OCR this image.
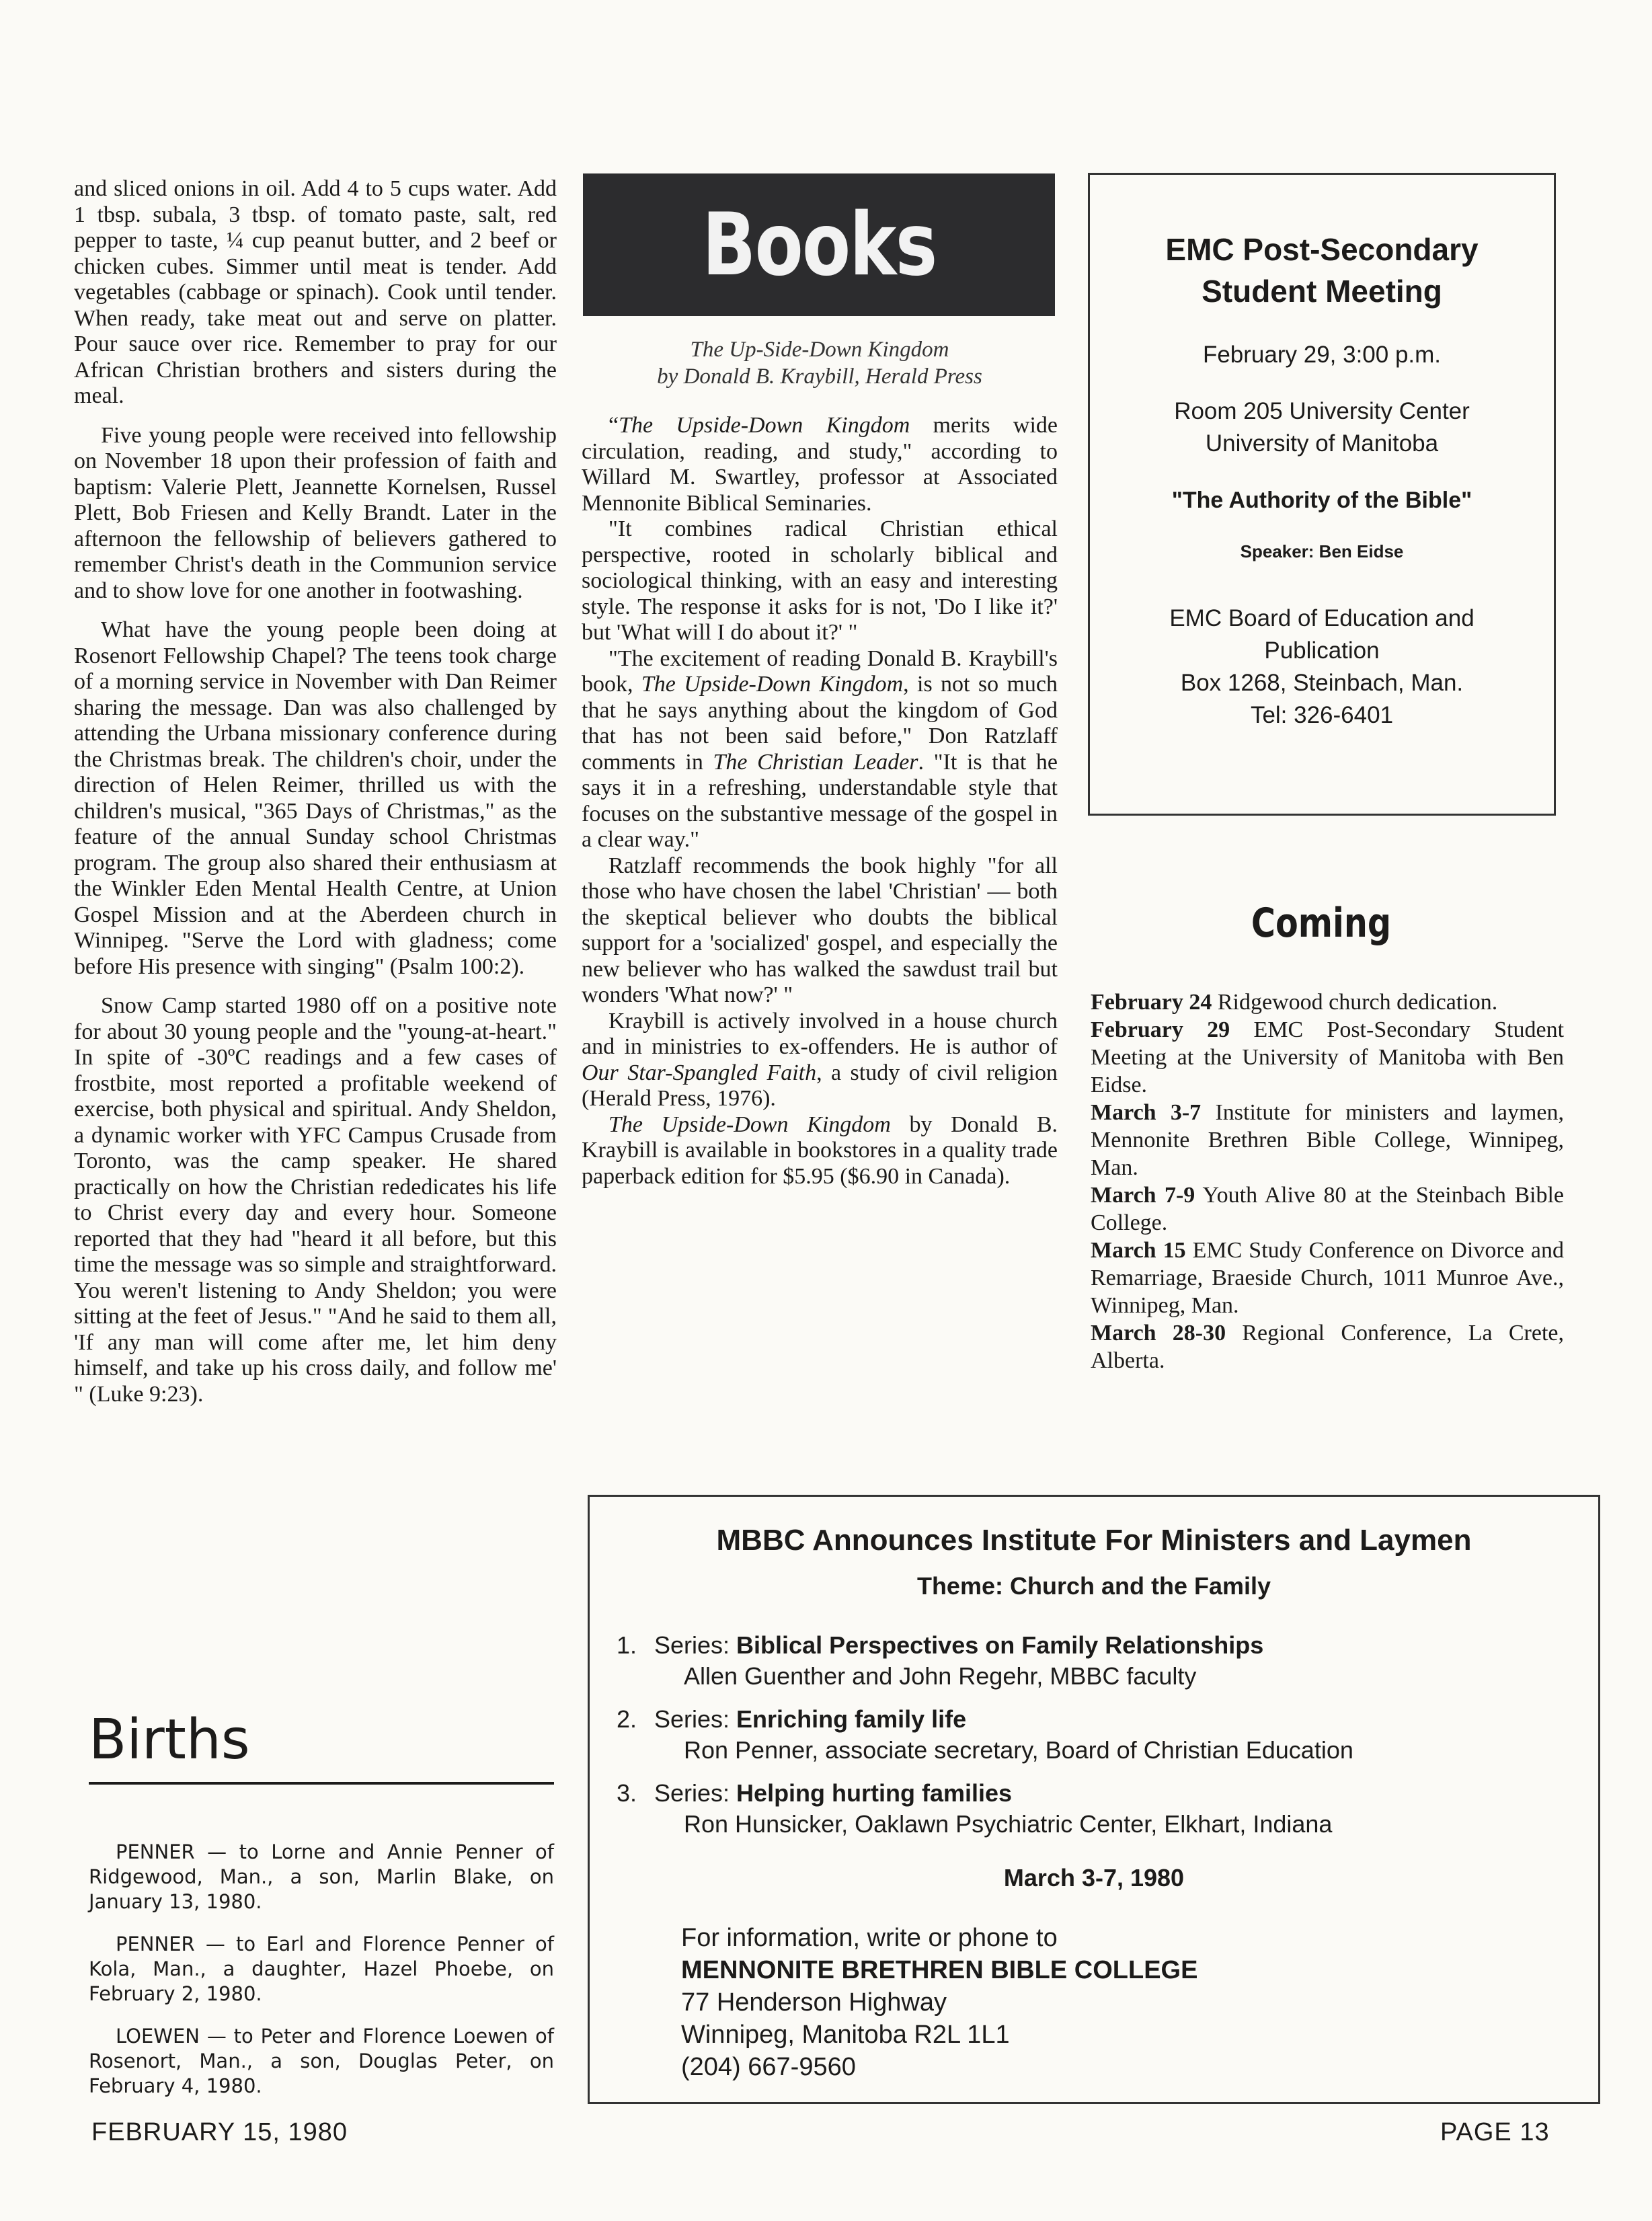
and sliced onions in oil. Add 4 to 5 cups water. Add 1 tbsp. subala, 3 tbsp. of tomato paste, salt, red pepper to taste, ¼ cup peanut butter, and 2 beef or chicken cubes. Simmer until meat is tender. Add vegetables (cabbage or spinach). Cook until tender. When ready, take meat out and serve on platter. Pour sauce over rice. Remember to pray for our African Christian brothers and sisters during the meal.

Five young people were received into fellowship on November 18 upon their profession of faith and baptism: Valerie Plett, Jeannette Kornelsen, Russel Plett, Bob Friesen and Kelly Brandt. Later in the afternoon the fellowship of believers gathered to remember Christ's death in the Communion service and to show love for one another in footwashing.

What have the young people been doing at Rosenort Fellowship Chapel? The teens took charge of a morning service in November with Dan Reimer sharing the message. Dan was also challenged by attending the Urbana missionary conference during the Christmas break. The children's choir, under the direction of Helen Reimer, thrilled us with the children's musical, "365 Days of Christmas," as the feature of the annual Sunday school Christmas program. The group also shared their enthusiasm at the Winkler Eden Mental Health Centre, at Union Gospel Mission and at the Aberdeen church in Winnipeg. "Serve the Lord with gladness; come before His presence with singing" (Psalm 100:2).

Snow Camp started 1980 off on a positive note for about 30 young people and the "young-at-heart." In spite of -30ºC readings and a few cases of frostbite, most reported a profitable weekend of exercise, both physical and spiritual. Andy Sheldon, a dynamic worker with YFC Campus Crusade from Toronto, was the camp speaker. He shared practically on how the Christian rededicates his life to Christ every day and every hour. Someone reported that they had "heard it all before, but this time the message was so simple and straightforward. You weren't listening to Andy Sheldon; you were sitting at the feet of Jesus." "And he said to them all, 'If any man will come after me, let him deny himself, and take up his cross daily, and follow me' " (Luke 9:23).

Births

PENNER — to Lorne and Annie Penner of Ridgewood, Man., a son, Marlin Blake, on January 13, 1980.

PENNER — to Earl and Florence Penner of Kola, Man., a daughter, Hazel Phoebe, on February 2, 1980.

LOEWEN — to Peter and Florence Loewen of Rosenort, Man., a son, Douglas Peter, on February 4, 1980.

FEBRUARY 15, 1980	PAGE 13
Books

The Up-Side-Down Kingdom

by Donald B. Kraybill, Herald Press

“The Upside-Down Kingdom merits wide circulation, reading, and study," according to Willard M. Swartley, professor at Associated Mennonite Biblical Seminaries.

"It combines radical Christian ethical perspective, rooted in scholarly biblical and sociological thinking, with an easy and interesting style. The response it asks for is not, 'Do I like it?' but 'What will I do about it?' "

"The excitement of reading Donald B. Kraybill's book, The Upside-Down Kingdom, is not so much that he says anything about the kingdom of God that has not been said before," Don Ratzlaff comments in The Christian Leader. "It is that he says it in a refreshing, understandable style that focuses on the substantive message of the gospel in a clear way."

Ratzlaff recommends the book highly "for all those who have chosen the label 'Christian' — both the skeptical believer who doubts the biblical support for a 'socialized' gospel, and especially the new believer who has walked the sawdust trail but wonders 'What now?' "

Kraybill is actively involved in a house church and in ministries to ex-offenders. He is author of Our Star-Spangled Faith, a study of civil religion (Herald Press, 1976).

The Upside-Down Kingdom by Donald B. Kraybill is available in bookstores in a quality trade paperback edition for $5.95 ($6.90 in Canada).

EMC Post-Secondary
Student Meeting

February 29, 3:00 p.m.

Room 205 University Center

University of Manitoba

"The Authority of the Bible"

Speaker: Ben Eidse

EMC Board of Education and

Publication

Box 1268, Steinbach, Man.

Tel: 326-6401

Coming

February 24 Ridgewood church dedication.

February 29 EMC Post-Secondary Student Meeting at the University of Manitoba with Ben Eidse.

March 3-7 Institute for ministers and laymen, Mennonite Brethren Bible College, Winnipeg, Man.

March 7-9 Youth Alive 80 at the Steinbach Bible College.

March 15 EMC Study Conference on Divorce and Remarriage, Braeside Church, 1011 Munroe Ave., Winnipeg, Man.

March 28-30 Regional Conference, La Crete, Alberta.

MBBC Announces Institute For Ministers and Laymen
Theme: Church and the Family
1. Series: Biblical Perspectives on Family Relationships
Allen Guenther and John Regehr, MBBC faculty
2. Series: Enriching family life
Ron Penner, associate secretary, Board of Christian Education
3. Series: Helping hurting families
Ron Hunsicker, Oaklawn Psychiatric Center, Elkhart, Indiana
March 3-7, 1980
For information, write or phone to
MENNONITE BRETHREN BIBLE COLLEGE
77 Henderson Highway
Winnipeg, Manitoba R2L 1L1
(204) 667-9560
